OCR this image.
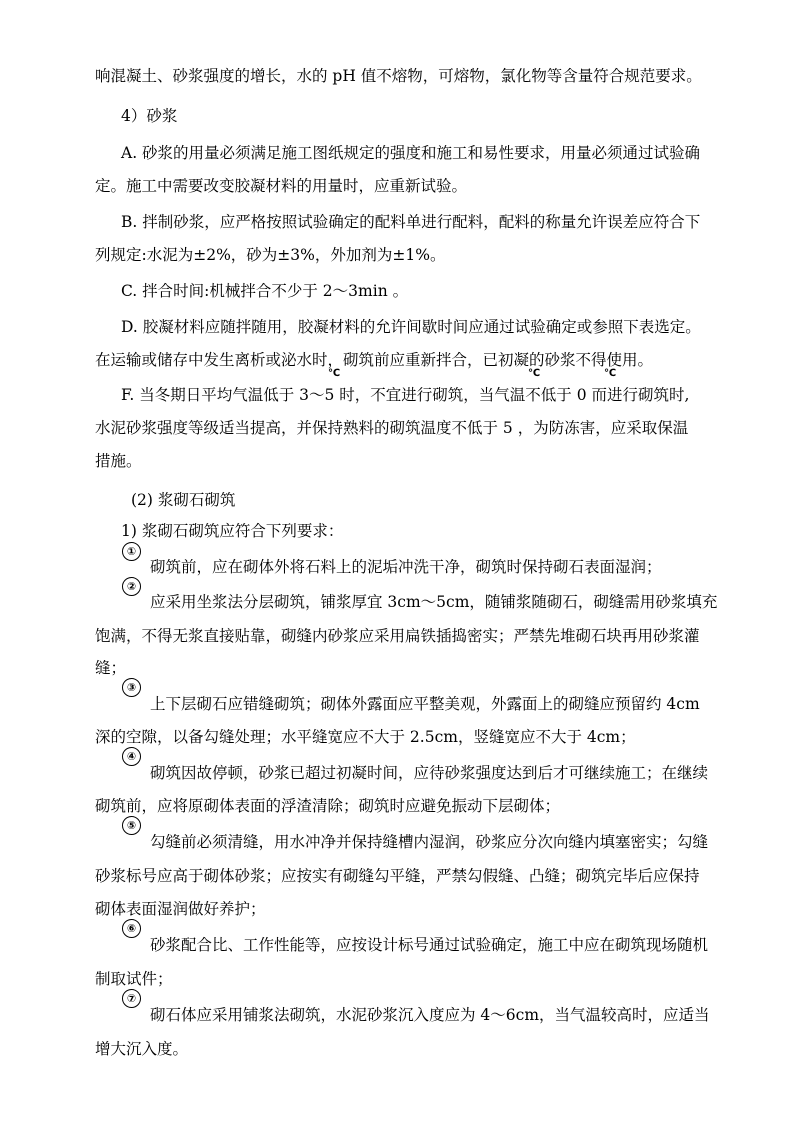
响混凝土、砂浆强度的增长，水的 pH 值不熔物，可熔物，氯化物等含量符合规范要求。
4）砂浆
A. 砂浆的用量必须满足施工图纸规定的强度和施工和易性要求，用量必须通过试验确
定。施工中需要改变胶凝材料的用量时，应重新试验。
B. 拌制砂浆，应严格按照试验确定的配料单进行配料，配料的称量允许误差应符合下
列规定:水泥为±2%，砂为±3%，外加剂为±1%。
C. 拌合时间:机械拌合不少于 2～3min 。
D. 胶凝材料应随拌随用，胶凝材料的允许间歇时间应通过试验确定或参照下表选定。
在运输或储存中发生离析或泌水时，砌筑前应重新拌合，已初凝的砂浆不得使用。
℃	℃	℃
F. 当冬期日平均气温低于 3～5 时，不宜进行砌筑，当气温不低于 0 而进行砌筑时,
水泥砂浆强度等级适当提高，并保持熟料的砌筑温度不低于 5 ，为防冻害，应采取保温
措施。
(2) 浆砌石砌筑
1) 浆砌石砌筑应符合下列要求：
①
砌筑前，应在砌体外将石料上的泥垢冲洗干净，砌筑时保持砌石表面湿润；
②
应采用坐浆法分层砌筑，铺浆厚宜 3cm～5cm，随铺浆随砌石，砌缝需用砂浆填充
饱满，不得无浆直接贴靠，砌缝内砂浆应采用扁铁插捣密实；严禁先堆砌石块再用砂浆灌
缝；
③
上下层砌石应错缝砌筑；砌体外露面应平整美观，外露面上的砌缝应预留约 4cm
深的空隙，以备勾缝处理；水平缝宽应不大于 2.5cm，竖缝宽应不大于 4cm；
④
砌筑因故停顿，砂浆已超过初凝时间，应待砂浆强度达到后才可继续施工；在继续
砌筑前，应将原砌体表面的浮渣清除；砌筑时应避免振动下层砌体；
⑤
勾缝前必须清缝，用水冲净并保持缝槽内湿润，砂浆应分次向缝内填塞密实；勾缝
砂浆标号应高于砌体砂浆；应按实有砌缝勾平缝，严禁勾假缝、凸缝；砌筑完毕后应保持
砌体表面湿润做好养护；
⑥
砂浆配合比、工作性能等，应按设计标号通过试验确定，施工中应在砌筑现场随机
制取试件；
⑦
砌石体应采用铺浆法砌筑，水泥砂浆沉入度应为 4～6cm，当气温较高时，应适当
增大沉入度。
